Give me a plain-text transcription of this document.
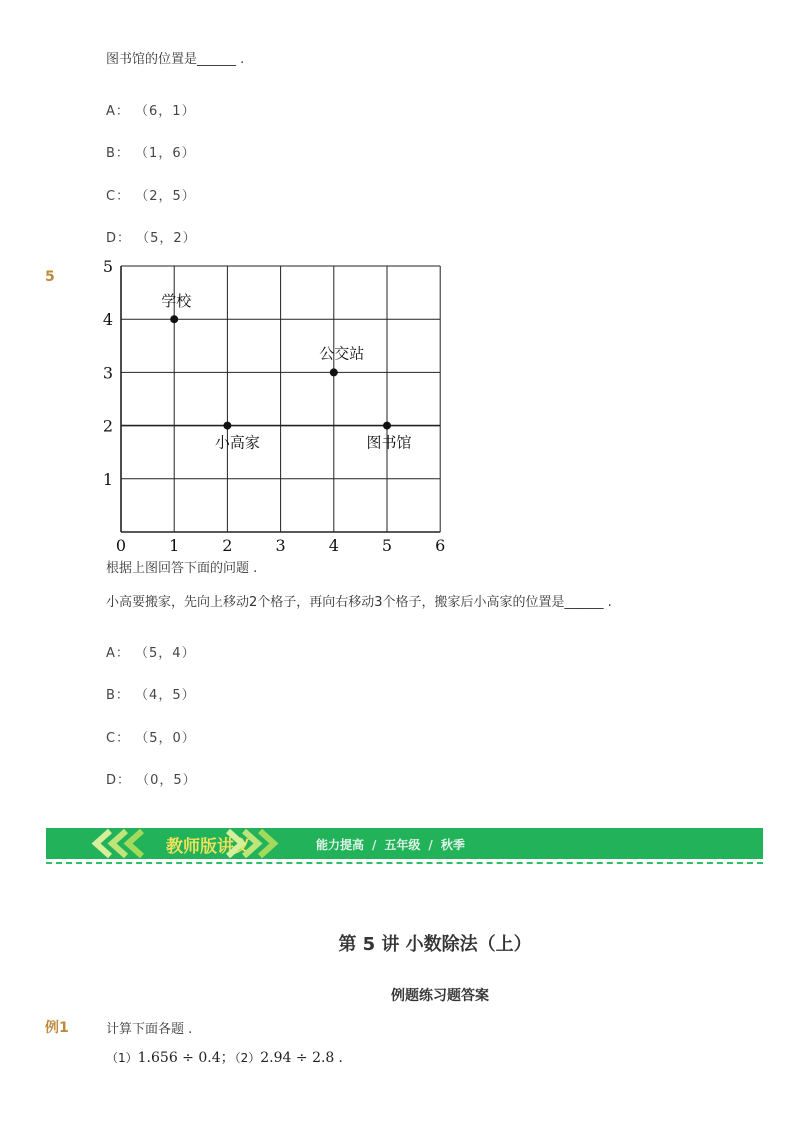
图书馆的位置是______ .
A： （6，1）
B： （1，6）
C： （2，5）
D： （5，2）
5
0	1	2	3	4	5	6
1
2
3
4
5
学校
小高家
公交站
图书馆
根据上图回答下面的问题 .
小高要搬家，先向上移动2个格子，再向右移动3个格子，搬家后小高家的位置是______ .
A： （5，4）
B： （4，5）
C： （5，0）
D： （0，5）
教师版讲义	能力提高 / 五年级 / 秋季
第 5 讲 小数除法（上）
例题练习题答案
例1	计算下面各题 .
（1）1.656 ÷ 0.4；（2）2.94 ÷ 2.8 .
